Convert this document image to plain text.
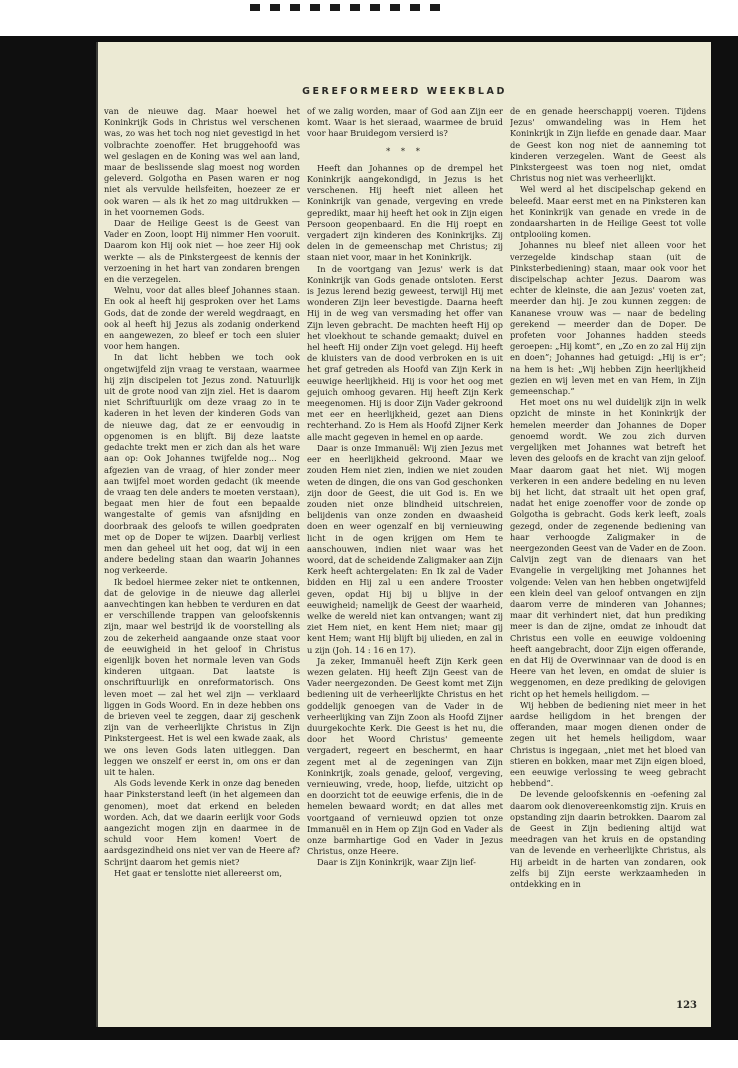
GEREFORMEERD WEEKBLAD

van de nieuwe dag. Maar hoewel het Koninkrijk Gods in Christus wel verschenen was, zo was het toch nog niet gevestigd in het volbrachte zoenoffer. Het bruggehoofd was wel geslagen en de Koning was wel aan land, maar de beslissende slag moest nog worden geleverd. Golgotha en Pasen waren er nog niet als vervulde heilsfeiten, hoezeer ze er ook waren — als ik het zo mag uitdrukken — in het voornemen Gods.

Daar de Heilige Geest is de Geest van Vader en Zoon, loopt Hij nimmer Hen vooruit. Daarom kon Hij ook niet — hoe zeer Hij ook werkte — als de Pinkstergeest de kennis der verzoening in het hart van zondaren brengen en die verzegelen.

Welnu, voor dat alles bleef Johannes staan. En ook al heeft hij gesproken over het Lams Gods, dat de zonde der wereld wegdraagt, en ook al heeft hij Jezus als zodanig onderkend en aangewezen, zo bleef er toch een sluier voor hem hangen.

In dat licht hebben we toch ook ongetwijfeld zijn vraag te verstaan, waarmee hij zijn discipelen tot Jezus zond. Natuurlijk uit de grote nood van zijn ziel. Het is daarom niet Schriftuurlijk om deze vraag zo in te kaderen in het leven der kinderen Gods van de nieuwe dag, dat ze er eenvoudig in opgenomen is en blijft. Bij deze laatste gedachte trekt men er zich dan als het ware aan op: Ook Johannes twijfelde nog... Nog afgezien van de vraag, of hier zonder meer aan twijfel moet worden gedacht (ik meende de vraag ten dele anders te moeten verstaan), begaat men hier de fout een bepaalde wangestalte of gemis van afsnijding en doorbraak des geloofs te willen goedpraten met op de Doper te wijzen. Daarbij verliest men dan geheel uit het oog, dat wij in een andere bedeling staan dan waarin Johannes nog verkeerde.

Ik bedoel hiermee zeker niet te ontkennen, dat de gelovige in de nieuwe dag allerlei aanvechtingen kan hebben te verduren en dat er verschillende trappen van geloofskennis zijn, maar wel bestrijd ik de voorstelling als zou de zekerheid aangaande onze staat voor de eeuwigheid in het geloof in Christus eigenlijk boven het normale leven van Gods kinderen uitgaan. Dat laatste is onschriftuurlijk en onreformatorisch. Ons leven moet — zal het wel zijn — verklaard liggen in Gods Woord. En in deze hebben ons de brieven veel te zeggen, daar zij geschenk zijn van de verheerlijkte Christus in Zijn Pinkstergeest. Het is wel een kwade zaak, als we ons leven Gods laten uitleggen. Dan leggen we onszelf er eerst in, om ons er dan uit te halen.

Als Gods levende Kerk in onze dag beneden haar Pinksterstand leeft (in het algemeen dan genomen), moet dat erkend en beleden worden. Ach, dat we daarin eerlijk voor Gods aangezicht mogen zijn en daarmee in de schuld voor Hem komen! Voert de aardsgezindheid ons niet ver van de Heere af? Schrijnt daarom het gemis niet?

Het gaat er tenslotte niet allereerst om,

of we zalig worden, maar of God aan Zijn eer komt. Waar is het sieraad, waarmee de bruid voor haar Bruidegom versierd is?

* * *

Heeft dan Johannes op de drempel het Koninkrijk aangekondigd, in Jezus is het verschenen. Hij heeft niet alleen het Koninkrijk van genade, vergeving en vrede gepredikt, maar hij heeft het ook in Zijn eigen Persoon geopenbaard. En die Hij roept en vergadert zijn kinderen des Koninkrijks. Zij delen in de gemeenschap met Christus; zij staan niet voor, maar in het Koninkrijk.

In de voortgang van Jezus' werk is dat Koninkrijk van Gods genade ontsloten. Eerst is Jezus lerend bezig geweest, terwijl Hij met wonderen Zijn leer bevestigde. Daarna heeft Hij in de weg van versmading het offer van Zijn leven gebracht. De machten heeft Hij op het vloekhout te schande gemaakt; duivel en hel heeft Hij onder Zijn voet gelegd. Hij heeft de kluisters van de dood verbroken en is uit het graf getreden als Hoofd van Zijn Kerk in eeuwige heerlijkheid. Hij is voor het oog met gejuich omhoog gevaren. Hij heeft Zijn Kerk meegenomen. Hij is door Zijn Vader gekroond met eer en heerlijkheid, gezet aan Diens rechterhand. Zo is Hem als Hoofd Zijner Kerk alle macht gegeven in hemel en op aarde.

Daar is onze Immanuël: Wij zien Jezus met eer en heerlijkheid gekroond. Maar we zouden Hem niet zien, indien we niet zouden weten de dingen, die ons van God geschonken zijn door de Geest, die uit God is. En we zouden niet onze blindheid uitschreien, belijdenis van onze zonden en dwaasheid doen en weer ogenzalf en bij vernieuwing licht in de ogen krijgen om Hem te aanschouwen, indien niet waar was het woord, dat de scheidende Zaligmaker aan Zijn Kerk heeft achtergelaten: En Ik zal de Vader bidden en Hij zal u een andere Trooster geven, opdat Hij bij u blijve in der eeuwigheid; namelijk de Geest der waarheid, welke de wereld niet kan ontvangen; want zij ziet Hem niet, en kent Hem niet; maar gij kent Hem; want Hij blijft bij ulieden, en zal in u zijn (Joh. 14 : 16 en 17).

Ja zeker, Immanuël heeft Zijn Kerk geen wezen gelaten. Hij heeft Zijn Geest van de Vader neergezonden. De Geest komt met Zijn bediening uit de verheerlijkte Christus en het goddelijk genoegen van de Vader in de verheerlijking van Zijn Zoon als Hoofd Zijner duurgekochte Kerk. Die Geest is het nu, die door het Woord Christus' gemeente vergadert, regeert en beschermt, en haar zegent met al de zegeningen van Zijn Koninkrijk, zoals genade, geloof, vergeving, vernieuwing, vrede, hoop, liefde, uitzicht op en doorzicht tot de eeuwige erfenis, die in de hemelen bewaard wordt; en dat alles met voortgaand of vernieuwd opzien tot onze Immanuël en in Hem op Zijn God en Vader als onze barmhartige God en Vader in Jezus Christus, onze Heere.

Daar is Zijn Koninkrijk, waar Zijn lief-

de en genade heerschappij voeren. Tijdens Jezus' omwandeling was in Hem het Koninkrijk in Zijn liefde en genade daar. Maar de Geest kon nog niet de aanneming tot kinderen verzegelen. Want de Geest als Pinkstergeest was toen nog niet, omdat Christus nog niet was verheerlijkt.

Wel werd al het discipelschap gekend en beleefd. Maar eerst met en na Pinksteren kan het Koninkrijk van genade en vrede in de zondaarsharten in de Heilige Geest tot volle ontplooiing komen.

Johannes nu bleef niet alleen voor het verzegelde kindschap staan (uit de Pinksterbediening) staan, maar ook voor het discipelschap achter Jezus. Daarom was echter de kleinste, die aan Jezus' voeten zat, meerder dan hij. Je zou kunnen zeggen: de Kananese vrouw was — naar de bedeling gerekend — meerder dan de Doper. De profeten voor Johannes hadden steeds geroepen: „Hij komt”, en „Zo en zo zal Hij zijn en doen”; Johannes had getuigd: „Hij is er”; na hem is het: „Wij hebben Zijn heerlijkheid gezien en wij leven met en van Hem, in Zijn gemeenschap.”

Het moet ons nu wel duidelijk zijn in welk opzicht de minste in het Koninkrijk der hemelen meerder dan Johannes de Doper genoemd wordt. We zou zich durven vergelijken met Johannes wat betreft het leven des geloofs en de kracht van zijn geloof. Maar daarom gaat het niet. Wij mogen verkeren in een andere bedeling en nu leven bij het licht, dat straalt uit het open graf, nadat het enige zoenoffer voor de zonde op Golgotha is gebracht. Gods kerk leeft, zoals gezegd, onder de zegenende bediening van haar verhoogde Zaligmaker in de neergezonden Geest van de Vader en de Zoon. Calvijn zegt van de dienaars van het Evangelie in vergelijking met Johannes het volgende: Velen van hen hebben ongetwijfeld een klein deel van geloof ontvangen en zijn daarom verre de minderen van Johannes; maar dit verhindert niet, dat hun prediking meer is dan de zijne, omdat ze inhoudt dat Christus een volle en eeuwige voldoening heeft aangebracht, door Zijn eigen offerande, en dat Hij de Overwinnaar van de dood is en Heere van het leven, en omdat de sluier is weggenomen, en deze prediking de gelovigen richt op het hemels heiligdom. —

Wij hebben de bediening niet meer in het aardse heiligdom in het brengen der offeranden, maar mogen dienen onder de zegen uit het hemels heiligdom, waar Christus is ingegaan, „niet met het bloed van stieren en bokken, maar met Zijn eigen bloed, een eeuwige verlossing te weeg gebracht hebbend”.

De levende geloofskennis en -oefening zal daarom ook dienovereenkomstig zijn. Kruis en opstanding zijn daarin betrokken. Daarom zal de Geest in Zijn bediening altijd wat meedragen van het kruis en de opstanding van de levende en verheerlijkte Christus, als Hij arbeidt in de harten van zondaren, ook zelfs bij Zijn eerste werkzaamheden in ontdekking en in

123
